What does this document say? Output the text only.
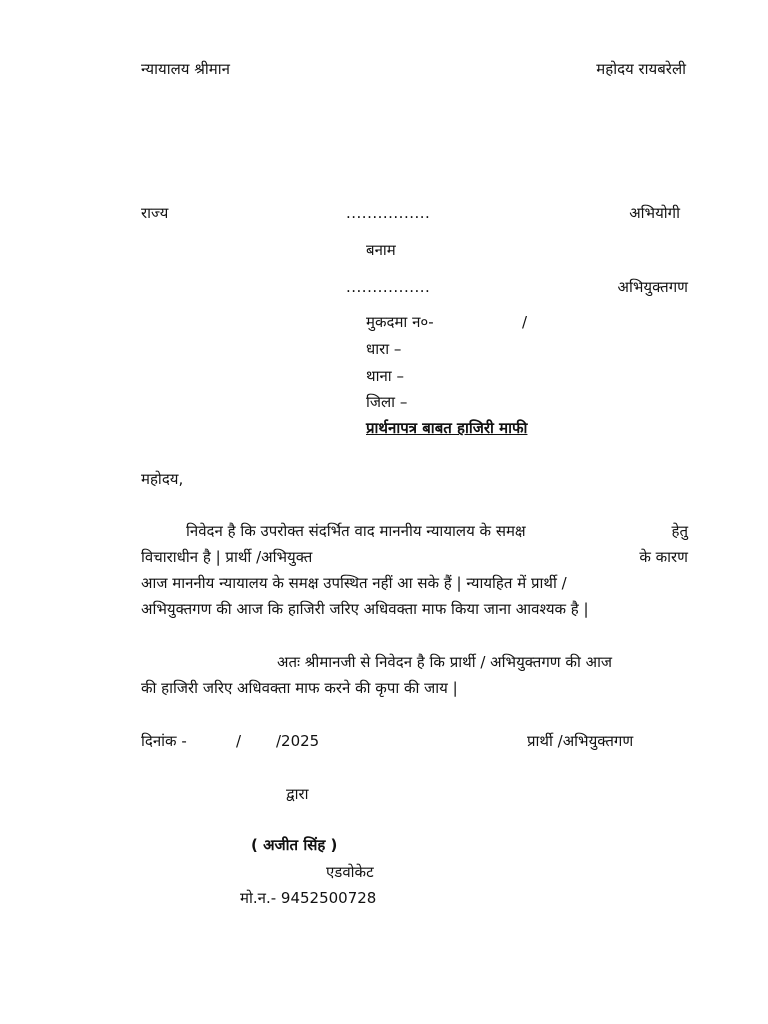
न्यायालय श्रीमान	महोदय रायबरेली
राज्य	................	अभियोगी
बनाम
................	अभियुक्तगण
मुकदमा न०-	/
धारा –
थाना –
जिला –
प्रार्थनापत्र बाबत हाजिरी माफी
महोदय,
निवेदन है कि उपरोक्त संदर्भित वाद माननीय न्यायालय के समक्ष	हेतु
विचाराधीन है | प्रार्थी /अभियुक्त	के कारण
आज माननीय न्यायालय के समक्ष उपस्थित नहीं आ सके हैं | न्यायहित में प्रार्थी /
अभियुक्तगण की आज कि हाजिरी जरिए अधिवक्ता माफ किया जाना आवश्यक है |
अतः श्रीमानजी से निवेदन है कि प्रार्थी / अभियुक्तगण की आज
की हाजिरी जरिए अधिवक्ता माफ करने की कृपा की जाय |
दिनांक -	/ /2025	प्रार्थी /अभियुक्तगण
द्वारा
( अजीत सिंह )
एडवोकेट
मो.न.- 9452500728
